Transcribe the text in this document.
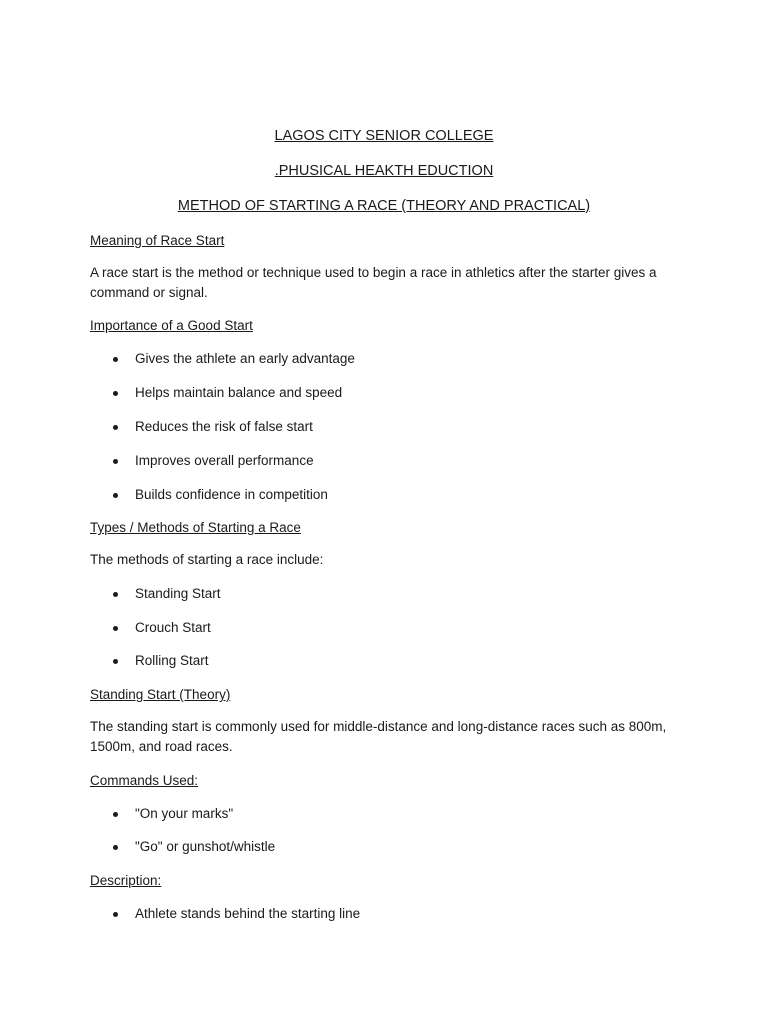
LAGOS CITY SENIOR COLLEGE
.PHUSICAL HEAKTH EDUCTION
METHOD OF STARTING A RACE (THEORY AND PRACTICAL)
Meaning of Race Start
A race start is the method or technique used to begin a race in athletics after the starter gives a command or signal.
Importance of a Good Start
Gives the athlete an early advantage
Helps maintain balance and speed
Reduces the risk of false start
Improves overall performance
Builds confidence in competition
Types / Methods of Starting a Race
The methods of starting a race include:
Standing Start
Crouch Start
Rolling Start
Standing Start (Theory)
The standing start is commonly used for middle-distance and long-distance races such as 800m, 1500m, and road races.
Commands Used:
"On your marks"
"Go" or gunshot/whistle
Description:
Athlete stands behind the starting line
